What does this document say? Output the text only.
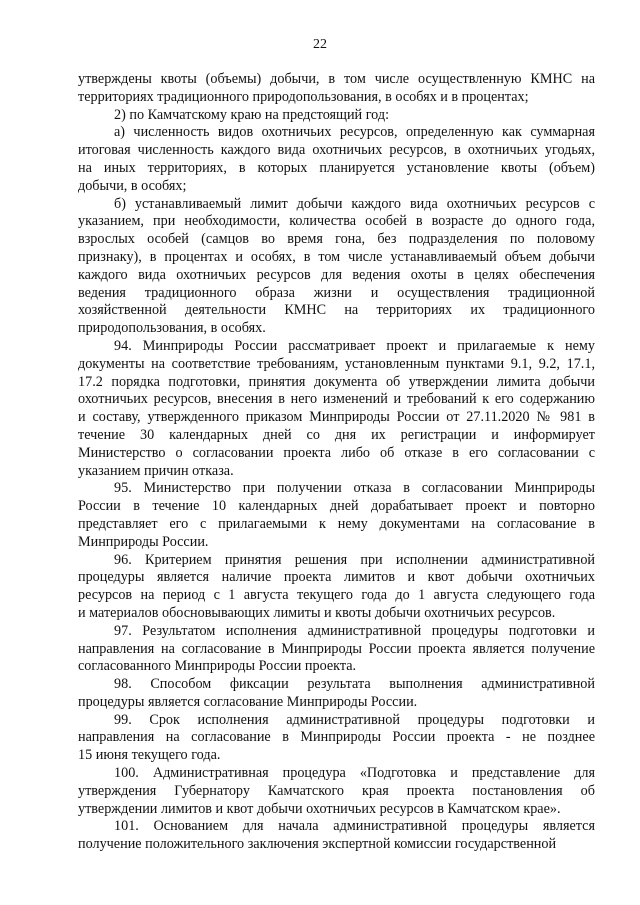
22
утверждены квоты (объемы) добычи, в том числе осуществленную КМНС на
территориях традиционного природопользования, в особях и в процентах;
2) по Камчатскому краю на предстоящий год:
а) численность видов охотничьих ресурсов, определенную как суммарная
итоговая численность каждого вида охотничьих ресурсов, в охотничьих угодьях,
на иных территориях, в которых планируется установление квоты (объем)
добычи, в особях;
б) устанавливаемый лимит добычи каждого вида охотничьих ресурсов с
указанием, при необходимости, количества особей в возрасте до одного года,
взрослых особей (самцов во время гона, без подразделения по половому
признаку), в процентах и особях, в том числе устанавливаемый объем добычи
каждого вида охотничьих ресурсов для ведения охоты в целях обеспечения
ведения традиционного образа жизни и осуществления традиционной
хозяйственной деятельности КМНС на территориях их традиционного
природопользования, в особях.
94. Минприроды России рассматривает проект и прилагаемые к нему
документы на соответствие требованиям, установленным пунктами 9.1, 9.2, 17.1,
17.2 порядка подготовки, принятия документа об утверждении лимита добычи
охотничьих ресурсов, внесения в него изменений и требований к его содержанию
и составу, утвержденного приказом Минприроды России от 27.11.2020 № 981 в
течение 30 календарных дней со дня их регистрации и информирует
Министерство о согласовании проекта либо об отказе в его согласовании с
указанием причин отказа.
95. Министерство при получении отказа в согласовании Минприроды
России в течение 10 календарных дней дорабатывает проект и повторно
представляет его с прилагаемыми к нему документами на согласование в
Минприроды России.
96. Критерием принятия решения при исполнении административной
процедуры является наличие проекта лимитов и квот добычи охотничьих
ресурсов на период с 1 августа текущего года до 1 августа следующего года
и материалов обосновывающих лимиты и квоты добычи охотничьих ресурсов.
97. Результатом исполнения административной процедуры подготовки и
направления на согласование в Минприроды России проекта является получение
согласованного Минприроды России проекта.
98. Способом фиксации результата выполнения административной
процедуры является согласование Минприроды России.
99. Срок исполнения административной процедуры подготовки и
направления на согласование в Минприроды России проекта - не позднее
15 июня текущего года.
100. Административная процедура «Подготовка и представление для
утверждения Губернатору Камчатского края проекта постановления об
утверждении лимитов и квот добычи охотничьих ресурсов в Камчатском крае».
101. Основанием для начала административной процедуры является
получение положительного заключения экспертной комиссии государственной
